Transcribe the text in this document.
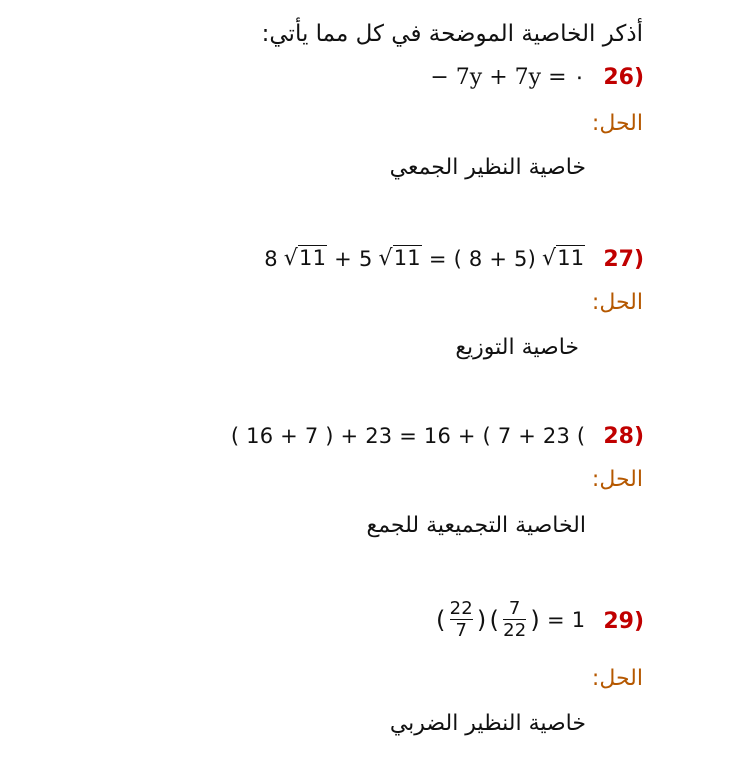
أذكر الخاصية الموضحة في كل مما يأتي:
− 7y + 7y = ٠ 26)
الحل:
خاصية النظير الجمعي
8 √11 + 5 √11 = ( 8 + 5) √11 27)
الحل:
خاصية التوزيع
( 16 + 7 ) + 23 = 16 + ( 7 + 23 ( 28)
الحل:
الخاصية التجميعية للجمع
( $\frac{22}{7}$ ) ( $\frac{7}{22}$ ) = 1 29)
الحل:
خاصية النظير الضربي
